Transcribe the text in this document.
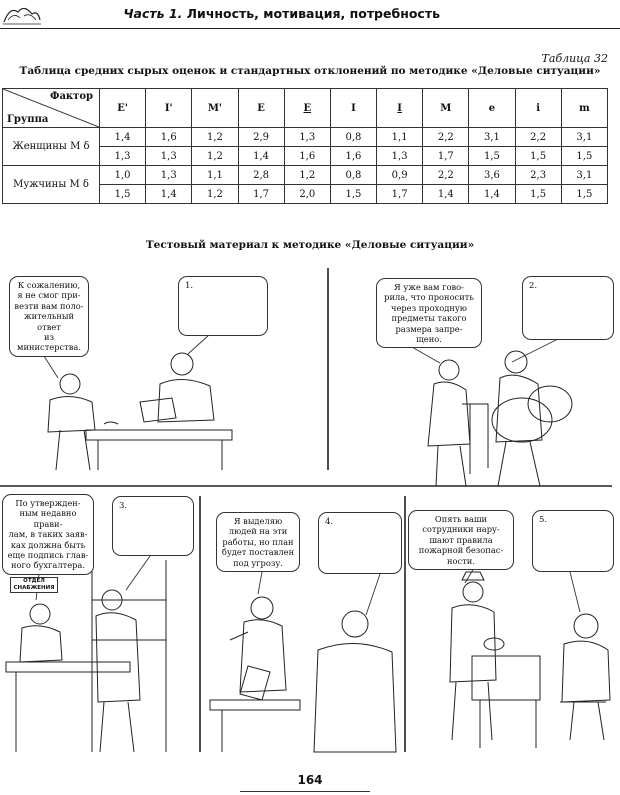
Часть 1. Личность, мотивация, потребность
Таблица 32
Таблица средних сырых оценок и стандартных отклонений по методике «Деловые ситуации»
Фактор
Группа	E'	I'	M'	E	E	I	I	M	e	i	m
Женщины M δ	1,4	1,6	1,2	2,9	1,3	0,8	1,1	2,2	3,1	2,2	3,1
	1,3	1,3	1,2	1,4	1,6	1,6	1,3	1,7	1,5	1,5	1,5
Мужчины M δ	1,0	1,3	1,1	2,8	1,2	0,8	0,9	2,2	3,6	2,3	3,1
	1,5	1,4	1,2	1,7	2,0	1,5	1,7	1,4	1,4	1,5	1,5
Тестовый материал к методике «Деловые ситуации»
К сожалению,
я не смог при-
везти вам поло-
жительный ответ
из министерства.
1.	Я уже вам гово-
рила, что проносить
через проходную
предметы такого
размера запре-
щено.
2.
По утвержден-
ным недавно прави-
лам, в таких заяв-
ках должна быть
еще подпись глав-
ного бухгалтера.
3.
ОТДЕЛ
СНАБЖЕНИЯ
Я выделяю
людей на эти
работы, но план
будет поставлен
под угрозу.
4.	Опять ваши
сотрудники нару-
шают правила
пожарной безопас-
ности.
5.
164
